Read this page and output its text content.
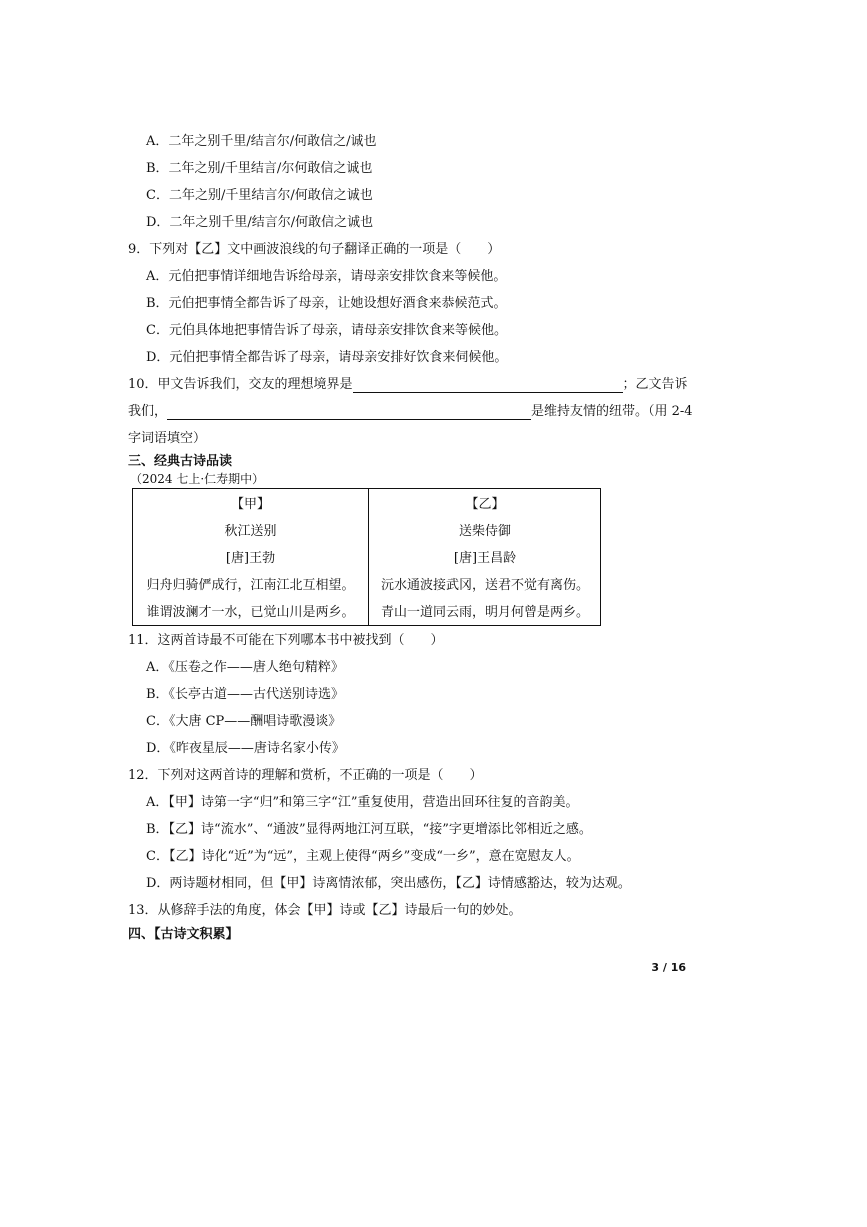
A．二年之别千里/结言尔/何敢信之/诚也
B．二年之别/千里结言/尔何敢信之诚也
C．二年之别/千里结言尔/何敢信之诚也
D．二年之别千里/结言尔/何敢信之诚也
9．下列对【乙】文中画波浪线的句子翻译正确的一项是（　　）
A．元伯把事情详细地告诉给母亲，请母亲安排饮食来等候他。
B．元伯把事情全都告诉了母亲，让她设想好酒食来恭候范式。
C．元伯具体地把事情告诉了母亲，请母亲安排饮食来等候他。
D．元伯把事情全都告诉了母亲，请母亲安排好饮食来伺候他。
10．甲文告诉我们，交友的理想境界是	；乙文告诉
我们，	是维持友情的纽带。（用 2-4
字词语填空）
三、经典古诗品读
（2024 七上·仁寿期中）
【甲】
秋江送别
[唐]王勃
归舟归骑俨成行，江南江北互相望。
谁谓波澜才一水，已觉山川是两乡。
【乙】
送柴侍御
[唐]王昌龄
沅水通波接武冈，送君不觉有离伤。
青山一道同云雨，明月何曾是两乡。
11．这两首诗最不可能在下列哪本书中被找到（　　）
A．《压卷之作——唐人绝句精粹》
B．《长亭古道——古代送别诗选》
C．《大唐 CP——酬唱诗歌漫谈》
D．《昨夜星辰——唐诗名家小传》
12．下列对这两首诗的理解和赏析，不正确的一项是（　　）
A．【甲】诗第一字“归”和第三字“江”重复使用，营造出回环往复的音韵美。
B．【乙】诗“流水”、“通波”显得两地江河互联，“接”字更增添比邻相近之感。
C．【乙】诗化“近”为“远”，主观上使得“两乡”变成“一乡”，意在宽慰友人。
D．两诗题材相同，但【甲】诗离情浓郁，突出感伤，【乙】诗情感豁达，较为达观。
13．从修辞手法的角度，体会【甲】诗或【乙】诗最后一句的妙处。
四、【古诗文积累】
3 / 16
